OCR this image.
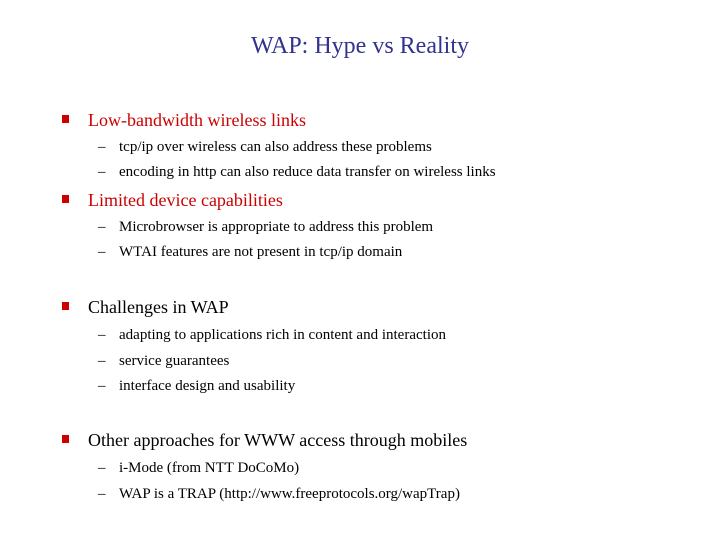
WAP: Hype vs Reality
Low-bandwidth wireless links
– tcp/ip over wireless can also address these problems
– encoding in http can also reduce data transfer on wireless links
Limited device capabilities
– Microbrowser is appropriate to address this problem
– WTAI features are not present in tcp/ip domain
Challenges in WAP
– adapting to applications rich in content and interaction
– service guarantees
– interface design and usability
Other approaches for WWW access through mobiles
– i-Mode (from NTT DoCoMo)
– WAP is a TRAP (http://www.freeprotocols.org/wapTrap)
